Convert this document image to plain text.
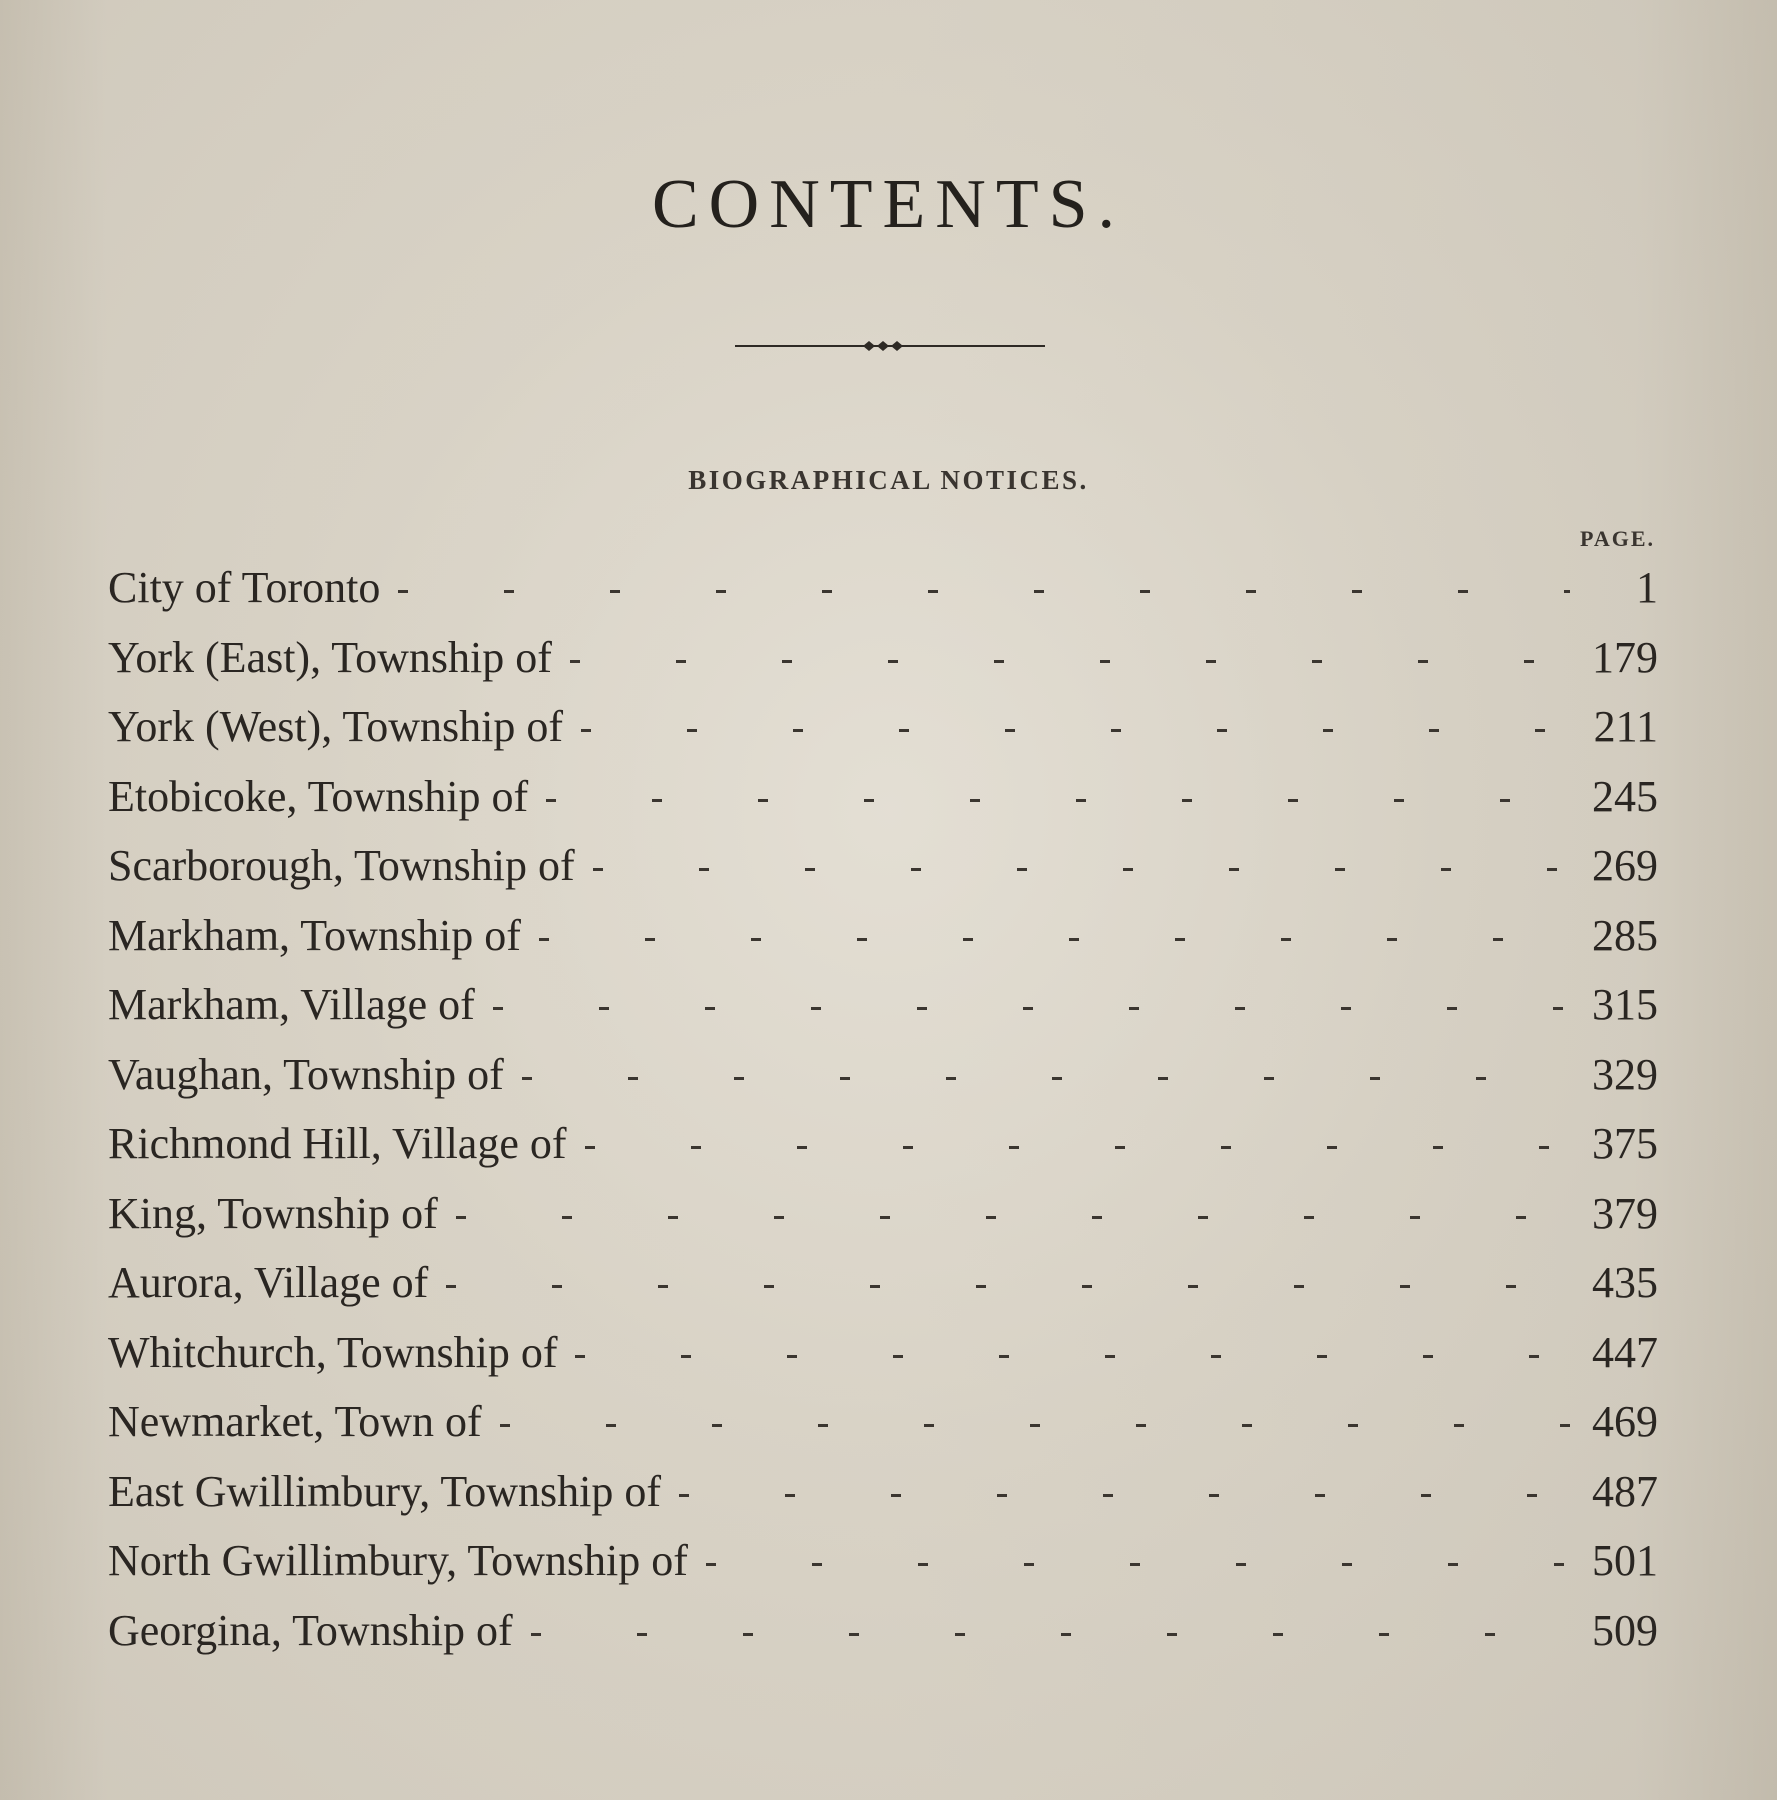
CONTENTS.
BIOGRAPHICAL NOTICES.
PAGE.
City of Toronto	1
York (East), Township of	179
York (West), Township of	211
Etobicoke, Township of	245
Scarborough, Township of	269
Markham, Township of	285
Markham, Village of	315
Vaughan, Township of	329
Richmond Hill, Village of	375
King, Township of	379
Aurora, Village of	435
Whitchurch, Township of	447
Newmarket, Town of	469
East Gwillimbury, Township of	487
North Gwillimbury, Township of	501
Georgina, Township of	509
